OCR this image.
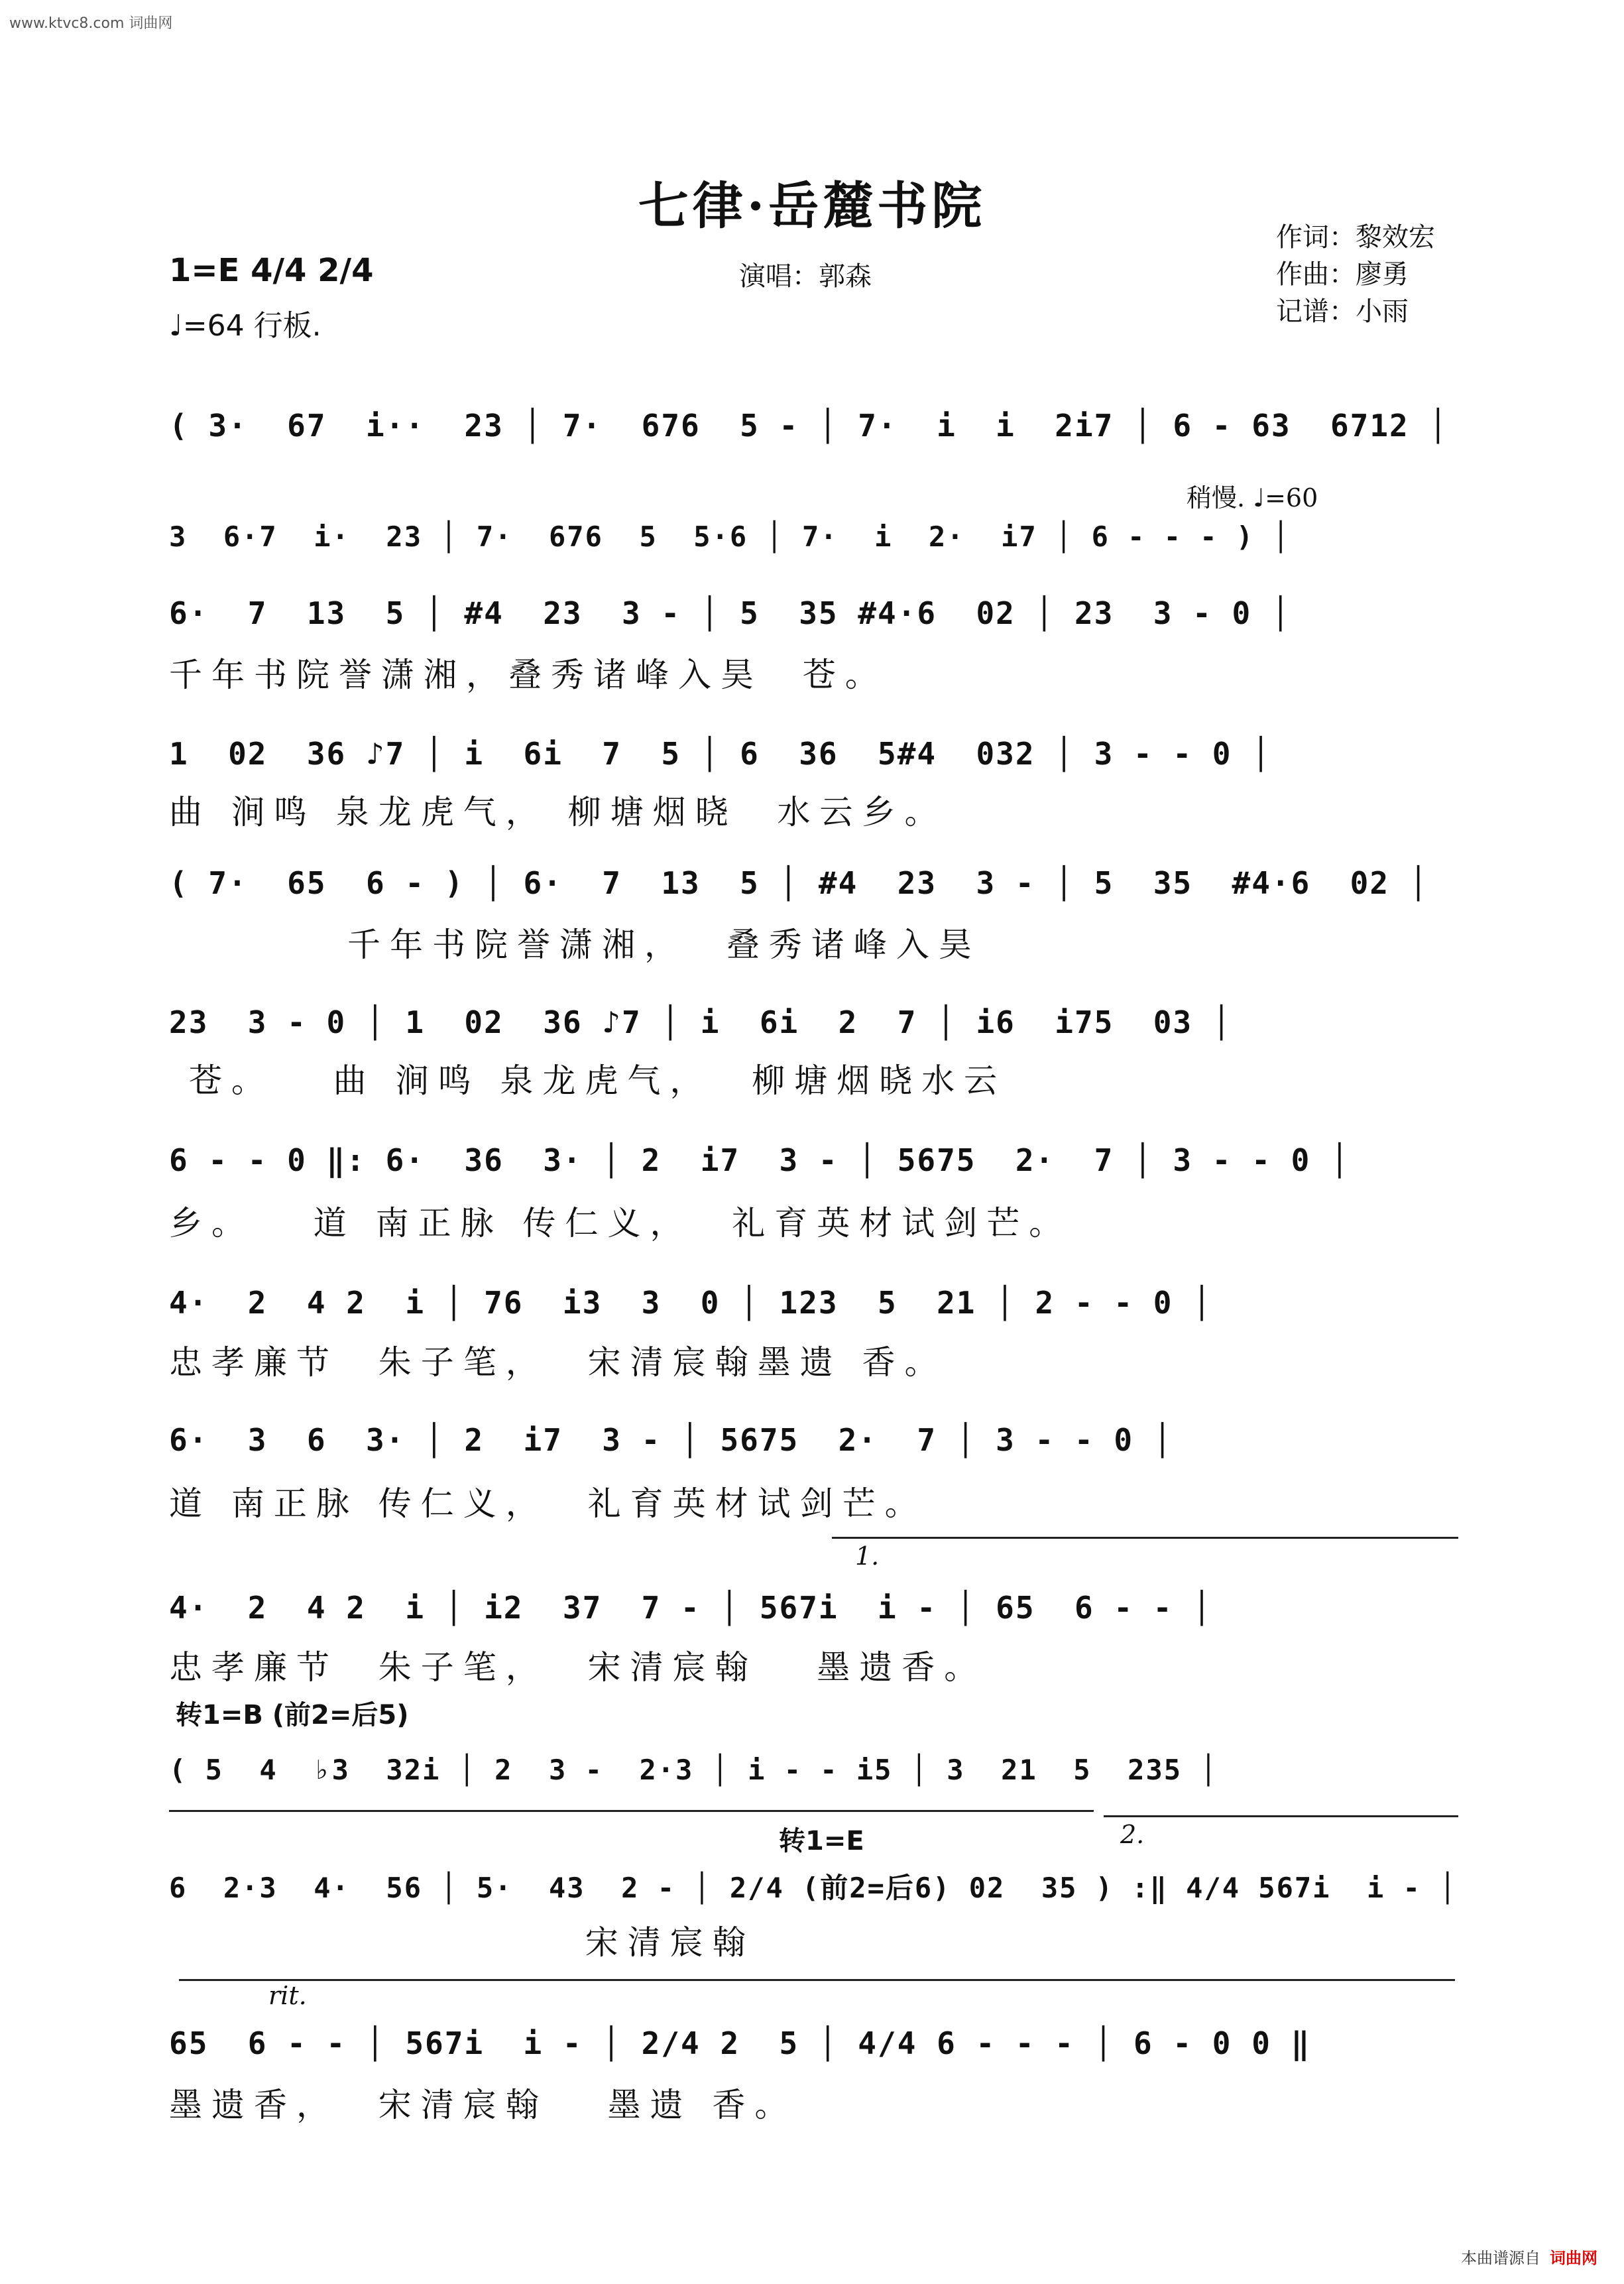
www.ktvc8.com 词曲网
七律·岳麓书院
1=E 4/4 2/4
♩=64 行板.
演唱：郭森
作词：黎效宏
作曲：廖勇
记谱：小雨
( 3·  67  i··  23 │ 7·  676  5 - │ 7·  i  i  2i7 │ 6 - 63  6712 │
稍慢. ♩=60
3  6·7  i·  23 │ 7·  676  5  5·6 │ 7·  i  2·  i7 │ 6 - - - ) │
6·  7  13  5 │ #4  23  3 - │ 5  35 #4·6  02 │ 23  3 - 0 │
千年书院誉潇湘，叠秀诸峰入昊  苍。
1  02  36 ♪7 │ i  6i  7  5 │ 6  36  5#4  032 │ 3 - - 0 │
曲 涧鸣 泉龙虎气， 柳塘烟晓  水云乡。
( 7·  65  6 - ) │ 6·  7  13  5 │ #4  23  3 - │ 5  35  #4·6  02 │
千年书院誉潇湘，  叠秀诸峰入昊
23  3 - 0 │ 1  02  36 ♪7 │ i  6i  2  7 │ i6  i75  03 │
苍。   曲 涧鸣 泉龙虎气，  柳塘烟晓水云
6 - - 0 ‖: 6·  36  3· │ 2  i7  3 - │ 5675  2·  7 │ 3 - - 0 │
乡。   道 南正脉 传仁义，  礼育英材试剑芒。
4·  2  4 2  i │ 76  i3  3  0 │ 123  5  21 │ 2 - - 0 │
忠孝廉节  朱子笔，  宋清宸翰墨遗 香。
6·  3  6  3· │ 2  i7  3 - │ 5675  2·  7 │ 3 - - 0 │
道 南正脉 传仁义，  礼育英材试剑芒。
1.
4·  2  4 2  i │ i2  37  7 - │ 567i  i - │ 65  6 - - │
忠孝廉节  朱子笔，  宋清宸翰   墨遗香。
转1=B (前2=后5)
( 5  4  ♭3  32i │ 2  3 -  2·3 │ i - - i5 │ 3  21  5  235 │
转1=E	2.
6  2·3  4·  56 │ 5·  43  2 - │ 2/4 (前2=后6) 02  35 ) :‖ 4/4 567i  i - │
宋清宸翰
rit.
65  6 - - │ 567i  i - │ 2/4 2  5 │ 4/4 6 - - - │ 6 - 0 0 ‖
墨遗香，  宋清宸翰   墨遗 香。
本曲谱源自 词曲网
